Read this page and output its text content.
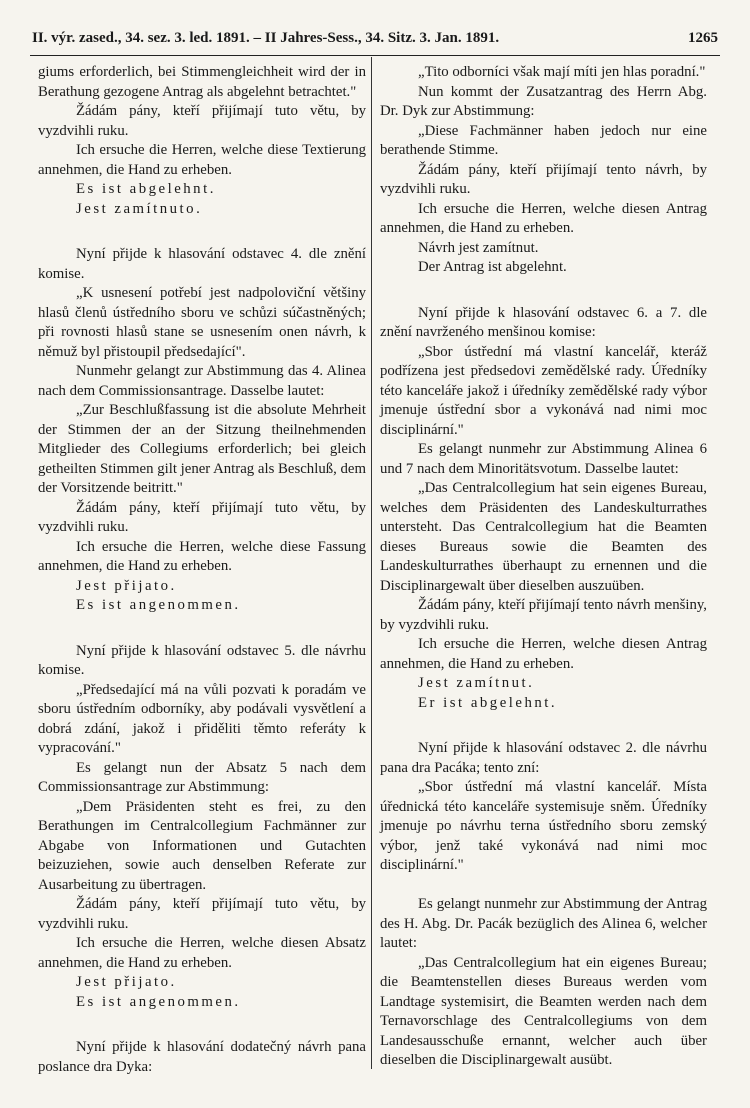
II. výr. zased., 34. sez. 3. led. 1891. – II Jahres-Sess., 34. Sitz. 3. Jan. 1891.	1265

giums erforderlich, bei Stimmengleichheit wird der in Berathung gezogene Antrag als abgelehnt betrachtet."

Žádám pány, kteří přijímají tuto větu, by vyzdvihli ruku.

Ich ersuche die Herren, welche diese Textierung annehmen, die Hand zu erheben.

Es ist abgelehnt.

Jest zamítnuto.

Nyní přijde k hlasování odstavec 4. dle znění komise.

„K usnesení potřebí jest nadpoloviční většiny hlasů členů ústředního sboru ve schůzi súčastněných; při rovnosti hlasů stane se usnesením onen návrh, k němuž byl přistoupil předsedající".

Nunmehr gelangt zur Abstimmung das 4. Alinea nach dem Commissionsantrage. Dasselbe lautet:

„Zur Beschlußfassung ist die absolute Mehrheit der Stimmen der an der Sitzung theilnehmenden Mitglieder des Collegiums erforderlich; bei gleich getheilten Stimmen gilt jener Antrag als Beschluß, dem der Vorsitzende beitritt."

Žádám pány, kteří přijímají tuto větu, by vyzdvihli ruku.

Ich ersuche die Herren, welche diese Fassung annehmen, die Hand zu erheben.

Jest přijato.

Es ist angenommen.

Nyní přijde k hlasování odstavec 5. dle návrhu komise.

„Předsedající má na vůli pozvati k poradám ve sboru ústředním odborníky, aby podávali vysvětlení a dobrá zdání, jakož i přiděliti těmto referáty k vypracování."

Es gelangt nun der Absatz 5 nach dem Commissionsantrage zur Abstimmung:

„Dem Präsidenten steht es frei, zu den Berathungen im Centralcollegium Fachmänner zur Abgabe von Informationen und Gutachten beizuziehen, sowie auch denselben Referate zur Ausarbeitung zu übertragen.

Žádám pány, kteří přijímají tuto větu, by vyzdvihli ruku.

Ich ersuche die Herren, welche diesen Absatz annehmen, die Hand zu erheben.

Jest přijato.

Es ist angenommen.

Nyní přijde k hlasování dodatečný návrh pana poslance dra Dyka:

„Tito odborníci však mají míti jen hlas poradní."

Nun kommt der Zusatzantrag des Herrn Abg. Dr. Dyk zur Abstimmung:

„Diese Fachmänner haben jedoch nur eine berathende Stimme.

Žádám pány, kteří přijímají tento návrh, by vyzdvihli ruku.

Ich ersuche die Herren, welche diesen Antrag annehmen, die Hand zu erheben.

Návrh jest zamítnut.

Der Antrag ist abgelehnt.

Nyní přijde k hlasování odstavec 6. a 7. dle znění navrženého menšinou komise:

„Sbor ústřední má vlastní kancelář, kteráž podřízena jest předsedovi zemědělské rady. Úředníky této kanceláře jakož i úředníky zemědělské rady výbor jmenuje ústřední sbor a vykonává nad nimi moc disciplinární."

Es gelangt nunmehr zur Abstimmung Alinea 6 und 7 nach dem Minoritätsvotum. Dasselbe lautet:

„Das Centralcollegium hat sein eigenes Bureau, welches dem Präsidenten des Landeskulturrathes untersteht. Das Centralcollegium hat die Beamten dieses Bureaus sowie die Beamten des Landeskulturrathes überhaupt zu ernennen und die Disciplinargewalt über dieselben auszuüben.

Žádám pány, kteří přijímají tento návrh menšiny, by vyzdvihli ruku.

Ich ersuche die Herren, welche diesen Antrag annehmen, die Hand zu erheben.

Jest zamítnut.

Er ist abgelehnt.

Nyní přijde k hlasování odstavec 2. dle návrhu pana dra Pacáka; tento zní:

„Sbor ústřední má vlastní kancelář. Místa úřednická této kanceláře systemisuje sněm. Úředníky jmenuje po návrhu terna ústředního sboru zemský výbor, jenž také vykonává nad nimi moc disciplinární."

Es gelangt nunmehr zur Abstimmung der Antrag des H. Abg. Dr. Pacák bezüglich des Alinea 6, welcher lautet:

„Das Centralcollegium hat ein eigenes Bureau; die Beamtenstellen dieses Bureaus werden vom Landtage systemisirt, die Beamten werden nach dem Ternavorschlage des Centralcollegiums von dem Landesausschuße ernannt, welcher auch über dieselben die Disciplinargewalt ausübt.
